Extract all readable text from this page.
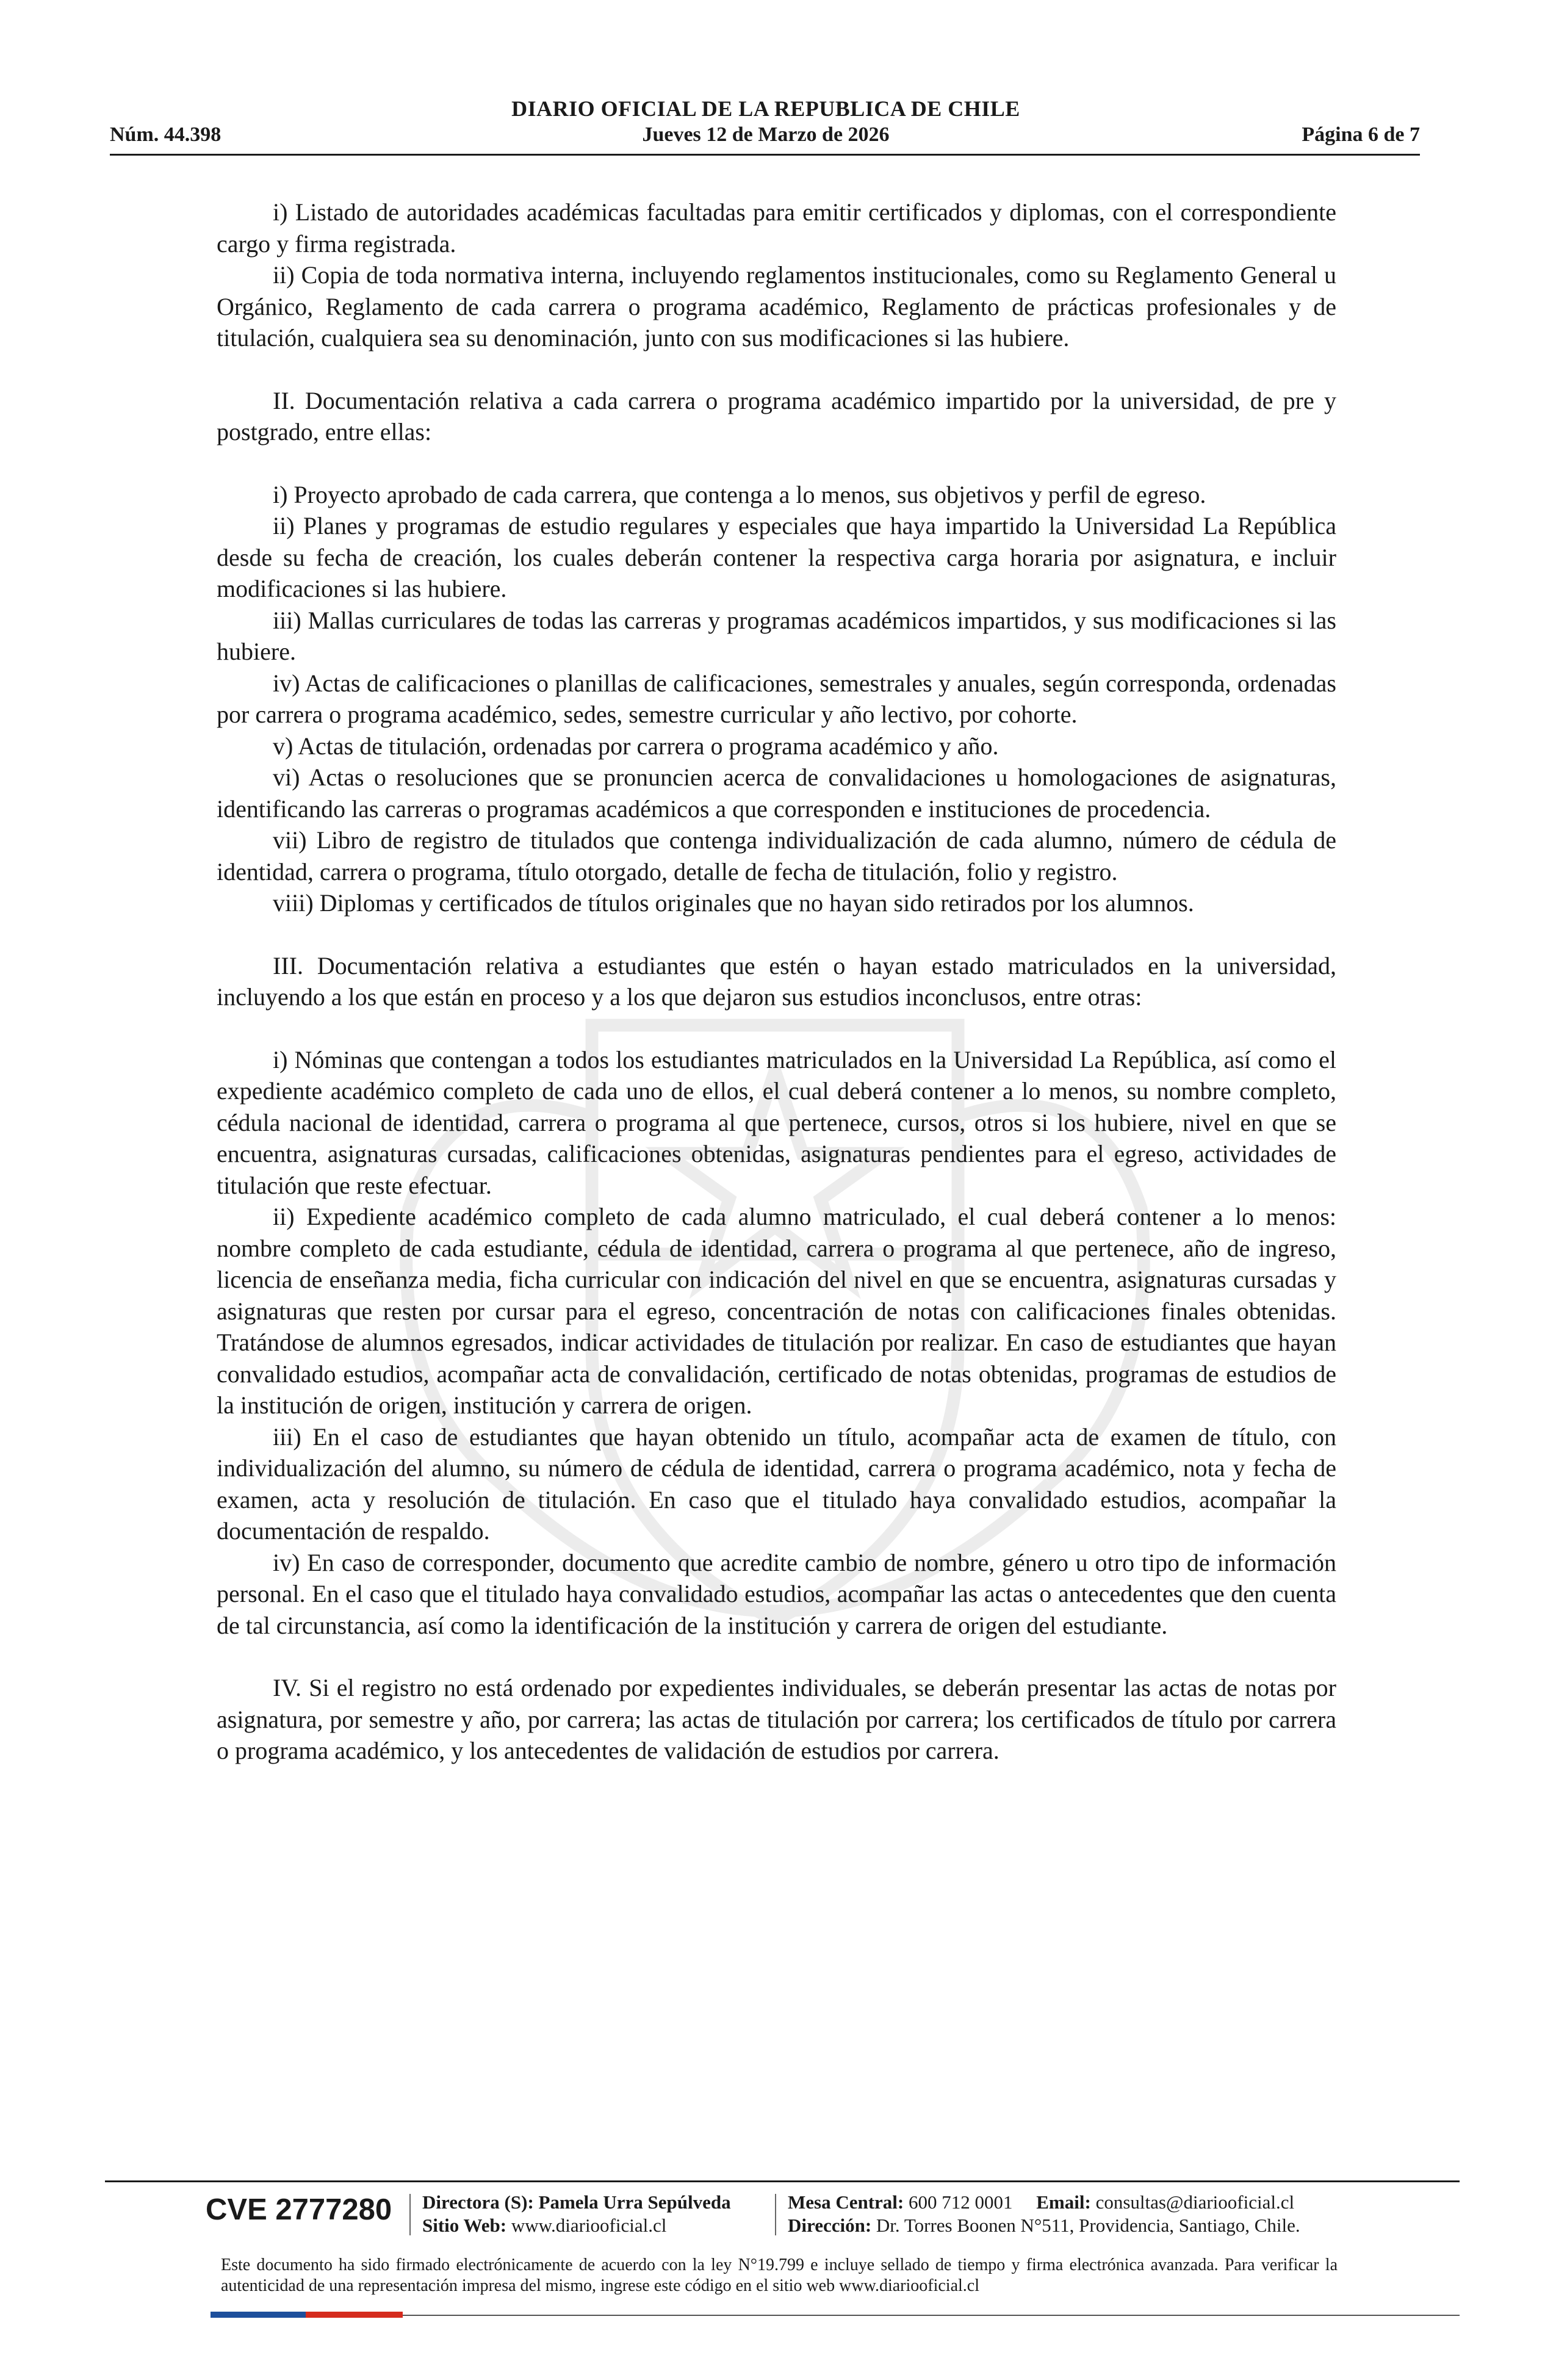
DIARIO OFICIAL DE LA REPUBLICA DE CHILE
Núm. 44.398	Jueves 12 de Marzo de 2026	Página 6 de 7

i) Listado de autoridades académicas facultadas para emitir certificados y diplomas, con el correspondiente cargo y firma registrada.

ii) Copia de toda normativa interna, incluyendo reglamentos institucionales, como su Reglamento General u Orgánico, Reglamento de cada carrera o programa académico, Reglamento de prácticas profesionales y de titulación, cualquiera sea su denominación, junto con sus modificaciones si las hubiere.

II. Documentación relativa a cada carrera o programa académico impartido por la universidad, de pre y postgrado, entre ellas:

i) Proyecto aprobado de cada carrera, que contenga a lo menos, sus objetivos y perfil de egreso.

ii) Planes y programas de estudio regulares y especiales que haya impartido la Universidad La República desde su fecha de creación, los cuales deberán contener la respectiva carga horaria por asignatura, e incluir modificaciones si las hubiere.

iii) Mallas curriculares de todas las carreras y programas académicos impartidos, y sus modificaciones si las hubiere.

iv) Actas de calificaciones o planillas de calificaciones, semestrales y anuales, según corresponda, ordenadas por carrera o programa académico, sedes, semestre curricular y año lectivo, por cohorte.

v) Actas de titulación, ordenadas por carrera o programa académico y año.

vi) Actas o resoluciones que se pronuncien acerca de convalidaciones u homologaciones de asignaturas, identificando las carreras o programas académicos a que corresponden e instituciones de procedencia.

vii) Libro de registro de titulados que contenga individualización de cada alumno, número de cédula de identidad, carrera o programa, título otorgado, detalle de fecha de titulación, folio y registro.

viii) Diplomas y certificados de títulos originales que no hayan sido retirados por los alumnos.

III. Documentación relativa a estudiantes que estén o hayan estado matriculados en la universidad, incluyendo a los que están en proceso y a los que dejaron sus estudios inconclusos, entre otras:

i) Nóminas que contengan a todos los estudiantes matriculados en la Universidad La República, así como el expediente académico completo de cada uno de ellos, el cual deberá contener a lo menos, su nombre completo, cédula nacional de identidad, carrera o programa al que pertenece, cursos, otros si los hubiere, nivel en que se encuentra, asignaturas cursadas, calificaciones obtenidas, asignaturas pendientes para el egreso, actividades de titulación que reste efectuar.

ii) Expediente académico completo de cada alumno matriculado, el cual deberá contener a lo menos: nombre completo de cada estudiante, cédula de identidad, carrera o programa al que pertenece, año de ingreso, licencia de enseñanza media, ficha curricular con indicación del nivel en que se encuentra, asignaturas cursadas y asignaturas que resten por cursar para el egreso, concentración de notas con calificaciones finales obtenidas. Tratándose de alumnos egresados, indicar actividades de titulación por realizar. En caso de estudiantes que hayan convalidado estudios, acompañar acta de convalidación, certificado de notas obtenidas, programas de estudios de la institución de origen, institución y carrera de origen.

iii) En el caso de estudiantes que hayan obtenido un título, acompañar acta de examen de título, con individualización del alumno, su número de cédula de identidad, carrera o programa académico, nota y fecha de examen, acta y resolución de titulación. En caso que el titulado haya convalidado estudios, acompañar la documentación de respaldo.

iv) En caso de corresponder, documento que acredite cambio de nombre, género u otro tipo de información personal. En el caso que el titulado haya convalidado estudios, acompañar las actas o antecedentes que den cuenta de tal circunstancia, así como la identificación de la institución y carrera de origen del estudiante.

IV. Si el registro no está ordenado por expedientes individuales, se deberán presentar las actas de notas por asignatura, por semestre y año, por carrera; las actas de titulación por carrera; los certificados de título por carrera o programa académico, y los antecedentes de validación de estudios por carrera.

CVE 2777280 Directora (S): Pamela Urra Sepúlveda
Sitio Web: www.diariooficial.cl
Mesa Central: 600 712 0001 Email: consultas@diariooficial.cl
Dirección: Dr. Torres Boonen N°511, Providencia, Santiago, Chile.
Este documento ha sido firmado electrónicamente de acuerdo con la ley N°19.799 e incluye sellado de tiempo y firma electrónica avanzada. Para verificar la autenticidad de una representación impresa del mismo, ingrese este código en el sitio web www.diariooficial.cl
